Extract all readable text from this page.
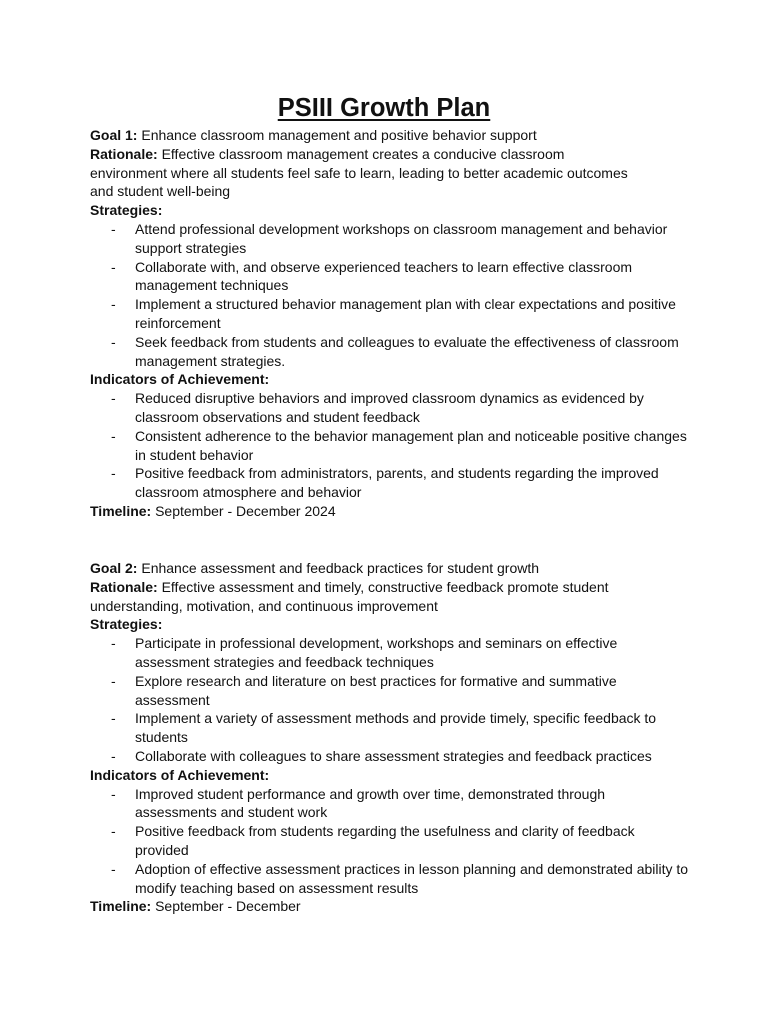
PSIII Growth Plan

Goal 1: Enhance classroom management and positive behavior support

Rationale: Effective classroom management creates a conducive classroom environment where all students feel safe to learn, leading to better academic outcomes and student well-being

Strategies:

- Attend professional development workshops on classroom management and behavior support strategies
- Collaborate with, and observe experienced teachers to learn effective classroom management techniques
- Implement a structured behavior management plan with clear expectations and positive reinforcement
- Seek feedback from students and colleagues to evaluate the effectiveness of classroom management strategies.

Indicators of Achievement:

- Reduced disruptive behaviors and improved classroom dynamics as evidenced by classroom observations and student feedback
- Consistent adherence to the behavior management plan and noticeable positive changes in student behavior
- Positive feedback from administrators, parents, and students regarding the improved classroom atmosphere and behavior

Timeline: September - December 2024

Goal 2: Enhance assessment and feedback practices for student growth

Rationale: Effective assessment and timely, constructive feedback promote student understanding, motivation, and continuous improvement

Strategies:

- Participate in professional development, workshops and seminars on effective assessment strategies and feedback techniques
- Explore research and literature on best practices for formative and summative assessment
- Implement a variety of assessment methods and provide timely, specific feedback to students
- Collaborate with colleagues to share assessment strategies and feedback practices

Indicators of Achievement:

- Improved student performance and growth over time, demonstrated through assessments and student work
- Positive feedback from students regarding the usefulness and clarity of feedback provided
- Adoption of effective assessment practices in lesson planning and demonstrated ability to modify teaching based on assessment results

Timeline: September - December
